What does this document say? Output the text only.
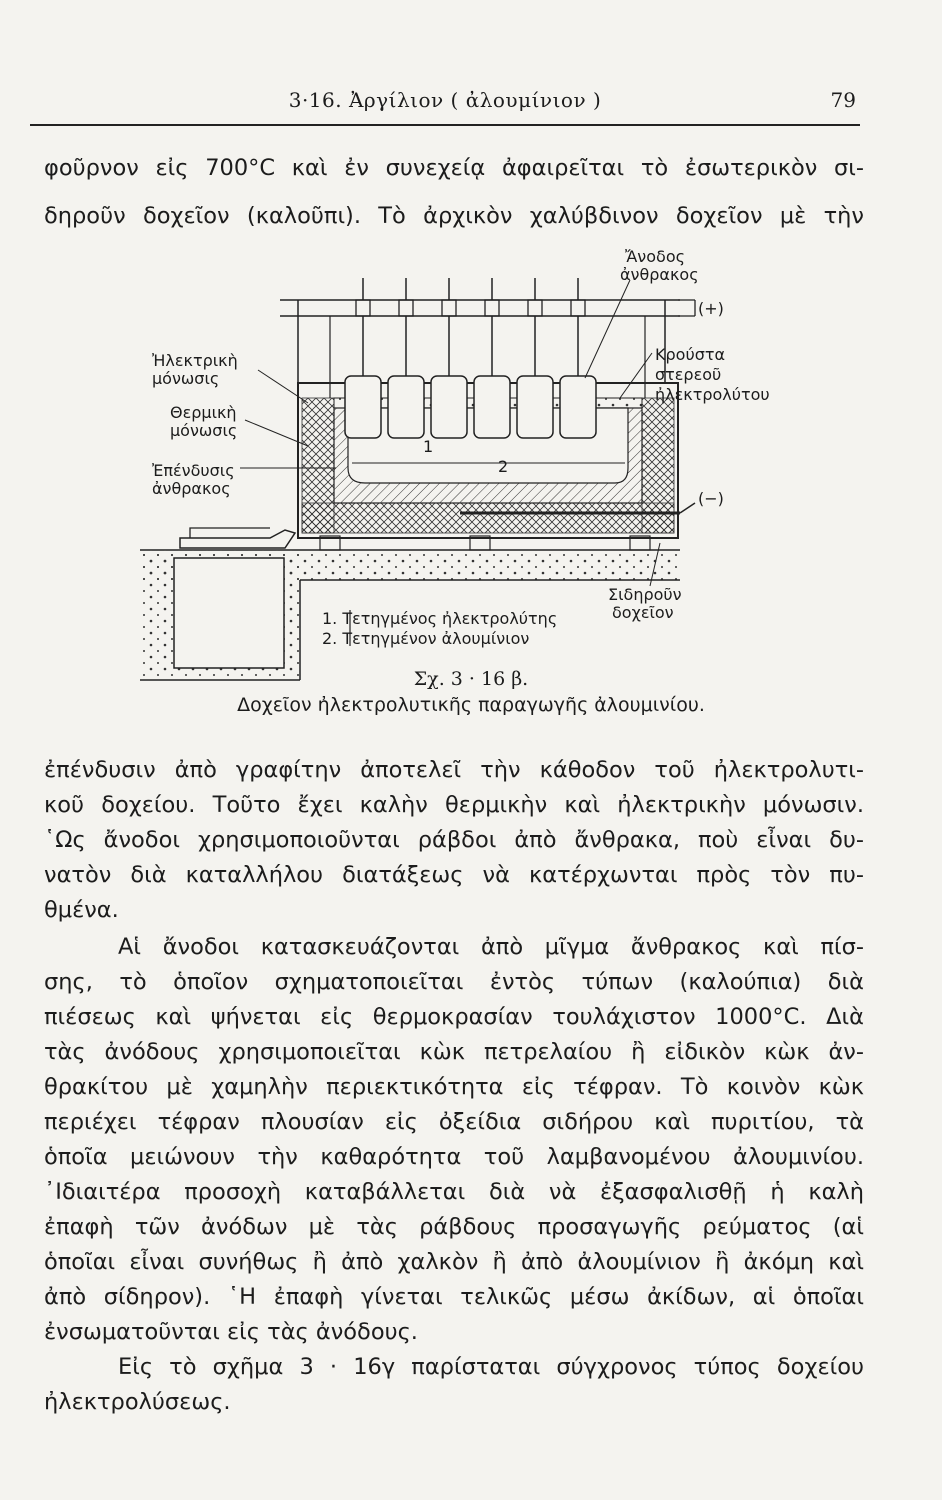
3·16. Ἀργίλιον ( ἀλουμίνιον )	79
φοῦρνον εἰς 700°C καὶ ἐν συνεχείᾳ ἀφαιρεῖται τὸ ἐσωτερικὸν σι-
δηροῦν δοχεῖον (καλοῦπι). Τὸ ἀρχικὸν χαλύβδινον δοχεῖον μὲ τὴν
Ἄνοδος
ἀνθρακος
(+)
(−)
Κρούστα
στερεοῦ
ἠλεκτρολύτου
Ἠλεκτρικὴ
μόνωσις
Θερμικὴ
μόνωσις
Ἐπένδυσις
ἀνθρακος
1
2
Σιδηροῦν
δοχεῖον
1. Τετηγμένος ἠλεκτρολύτης
2. Τετηγμένον ἀλουμίνιον
Σχ. 3 · 16 β.
Δοχεῖον ἠλεκτρολυτικῆς παραγωγῆς ἀλουμινίου.
ἐπένδυσιν ἀπὸ γραφίτην ἀποτελεῖ τὴν κάθοδον τοῦ ἠλεκτρολυτι-
κοῦ δοχείου. Τοῦτο ἔχει καλὴν θερμικὴν καὶ ἠλεκτρικὴν μόνωσιν.
῾Ως ἄνοδοι χρησιμοποιοῦνται ράβδοι ἀπὸ ἄνθρακα, ποὺ εἶναι δυ-
νατὸν διὰ καταλλήλου διατάξεως νὰ κατέρχωνται πρὸς τὸν πυ-
θμένα.
Αἱ ἄνοδοι κατασκευάζονται ἀπὸ μῖγμα ἄνθρακος καὶ πίσ-
σης, τὸ ὁποῖον σχηματοποιεῖται ἐντὸς τύπων (καλούπια) διὰ
πιέσεως καὶ ψήνεται εἰς θερμοκρασίαν τουλάχιστον 1000°C. Διὰ
τὰς ἀνόδους χρησιμοποιεῖται κὼκ πετρελαίου ἢ εἰδικὸν κὼκ ἀν-
θρακίτου μὲ χαμηλὴν περιεκτικότητα εἰς τέφραν. Τὸ κοινὸν κὼκ
περιέχει τέφραν πλουσίαν εἰς ὀξείδια σιδήρου καὶ πυριτίου, τὰ
ὁποῖα μειώνουν τὴν καθαρότητα τοῦ λαμβανομένου ἀλουμινίου.
᾽Ιδιαιτέρα προσοχὴ καταβάλλεται διὰ νὰ ἐξασφαλισθῇ ἡ καλὴ
ἐπαφὴ τῶν ἀνόδων μὲ τὰς ράβδους προσαγωγῆς ρεύματος (αἱ
ὁποῖαι εἶναι συνήθως ἢ ἀπὸ χαλκὸν ἢ ἀπὸ ἀλουμίνιον ἢ ἀκόμη καὶ
ἀπὸ σίδηρον). ῾Η ἐπαφὴ γίνεται τελικῶς μέσω ἀκίδων, αἱ ὁποῖαι
ἐνσωματοῦνται εἰς τὰς ἀνόδους.
Εἰς τὸ σχῆμα 3 · 16γ παρίσταται σύγχρονος τύπος δοχείου
ἠλεκτρολύσεως.
